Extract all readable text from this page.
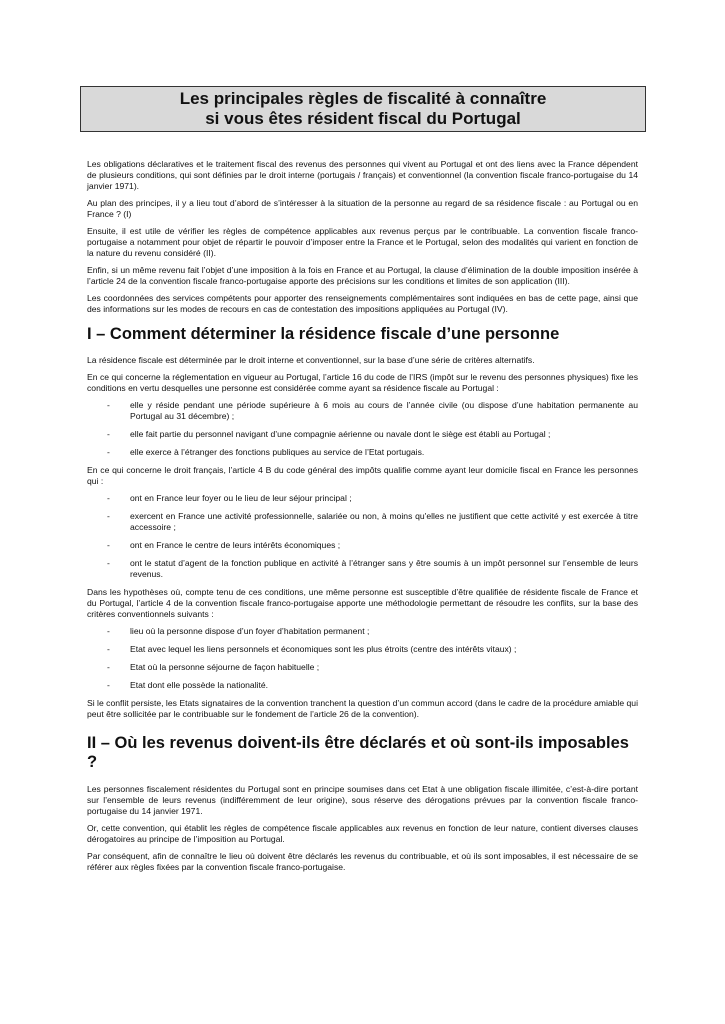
Les principales règles de fiscalité à connaître
si vous êtes résident fiscal du Portugal

Les obligations déclaratives et le traitement fiscal des revenus des personnes qui vivent au Portugal et ont des liens avec la France dépendent de plusieurs conditions, qui sont définies par le droit interne (portugais / français) et conventionnel (la convention fiscale franco-portugaise du 14 janvier 1971).

Au plan des principes, il y a lieu tout d’abord de s’intéresser à la situation de la personne au regard de sa résidence fiscale : au Portugal ou en France ? (I)

Ensuite, il est utile de vérifier les règles de compétence applicables aux revenus perçus par le contribuable. La convention fiscale franco-portugaise a notamment pour objet de répartir le pouvoir d’imposer entre la France et le Portugal, selon des modalités qui varient en fonction de la nature du revenu considéré (II).

Enfin, si un même revenu fait l’objet d’une imposition à la fois en France et au Portugal, la clause d’élimination de la double imposition insérée à l’article 24 de la convention fiscale franco-portugaise apporte des précisions sur les conditions et limites de son application (III).

Les coordonnées des services compétents pour apporter des renseignements complémentaires sont indiquées en bas de cette page, ainsi que des informations sur les modes de recours en cas de contestation des impositions appliquées au Portugal (IV).

I – Comment déterminer la résidence fiscale d’une personne

La résidence fiscale est déterminée par le droit interne et conventionnel, sur la base d’une série de critères alternatifs.

En ce qui concerne la réglementation en vigueur au Portugal, l’article 16 du code de l’IRS (impôt sur le revenu des personnes physiques) fixe les conditions en vertu desquelles une personne est considérée comme ayant sa résidence fiscale au Portugal :

- elle y réside pendant une période supérieure à 6 mois au cours de l’année civile (ou dispose d’une habitation permanente au Portugal au 31 décembre) ;
- elle fait partie du personnel navigant d’une compagnie aérienne ou navale dont le siège est établi au Portugal ;
- elle exerce à l’étranger des fonctions publiques au service de l’Etat portugais.

En ce qui concerne le droit français, l’article 4 B du code général des impôts qualifie comme ayant leur domicile fiscal en France les personnes qui :

- ont en France leur foyer ou le lieu de leur séjour principal ;
- exercent en France une activité professionnelle, salariée ou non, à moins qu'elles ne justifient que cette activité y est exercée à titre accessoire ;
- ont en France le centre de leurs intérêts économiques ;
- ont le statut d’agent de la fonction publique en activité à l’étranger sans y être soumis à un impôt personnel sur l’ensemble de leurs revenus.

Dans les hypothèses où, compte tenu de ces conditions, une même personne est susceptible d’être qualifiée de résidente fiscale de France et du Portugal, l’article 4 de la convention fiscale franco-portugaise apporte une méthodologie permettant de résoudre les conflits, sur la base des critères conventionnels suivants :

- lieu où la personne dispose d’un foyer d’habitation permanent ;
- Etat avec lequel les liens personnels et économiques sont les plus étroits (centre des intérêts vitaux) ;
- Etat où la personne séjourne de façon habituelle ;
- Etat dont elle possède la nationalité.

Si le conflit persiste, les Etats signataires de la convention tranchent la question d’un commun accord (dans le cadre de la procédure amiable qui peut être sollicitée par le contribuable sur le fondement de l’article 26 de la convention).

II – Où les revenus doivent-ils être déclarés et où sont-ils imposables ?

Les personnes fiscalement résidentes du Portugal sont en principe soumises dans cet Etat à une obligation fiscale illimitée, c’est-à-dire portant sur l’ensemble de leurs revenus (indifféremment de leur origine), sous réserve des dérogations prévues par la convention fiscale franco-portugaise du 14 janvier 1971.

Or, cette convention, qui établit les règles de compétence fiscale applicables aux revenus en fonction de leur nature, contient diverses clauses dérogatoires au principe de l’imposition au Portugal.

Par conséquent, afin de connaître le lieu où doivent être déclarés les revenus du contribuable, et où ils sont imposables, il est nécessaire de se référer aux règles fixées par la convention fiscale franco-portugaise.
